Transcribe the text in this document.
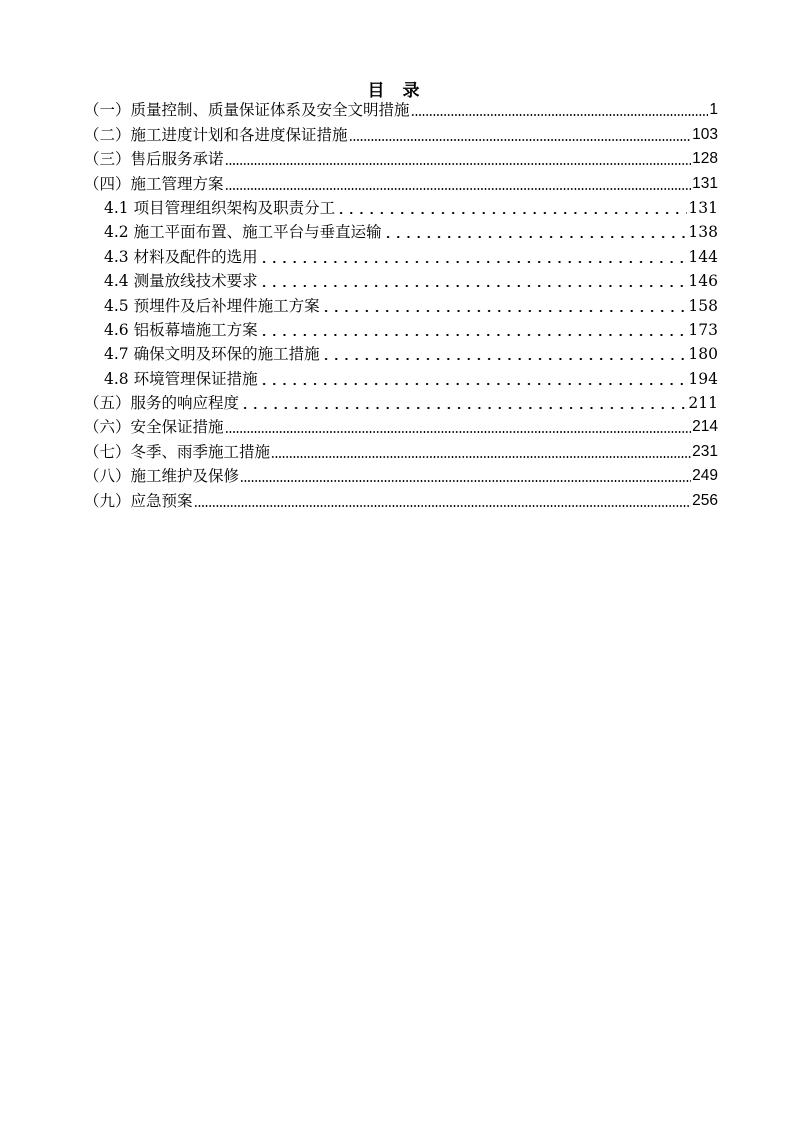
目 录
（一）质量控制、质量保证体系及安全文明措施	1
（二）施工进度计划和各进度保证措施	103
（三）售后服务承诺	128
（四）施工管理方案	131
4.1 项目管理组织架构及职责分工	131
4.2 施工平面布置、施工平台与垂直运输	138
4.3 材料及配件的选用	144
4.4 测量放线技术要求	146
4.5 预埋件及后补埋件施工方案	158
4.6 铝板幕墙施工方案	173
4.7 确保文明及环保的施工措施	180
4.8 环境管理保证措施	194
（五）服务的响应程度	211
（六）安全保证措施	214
（七）冬季、雨季施工措施	231
（八）施工维护及保修	249
（九）应急预案	256
